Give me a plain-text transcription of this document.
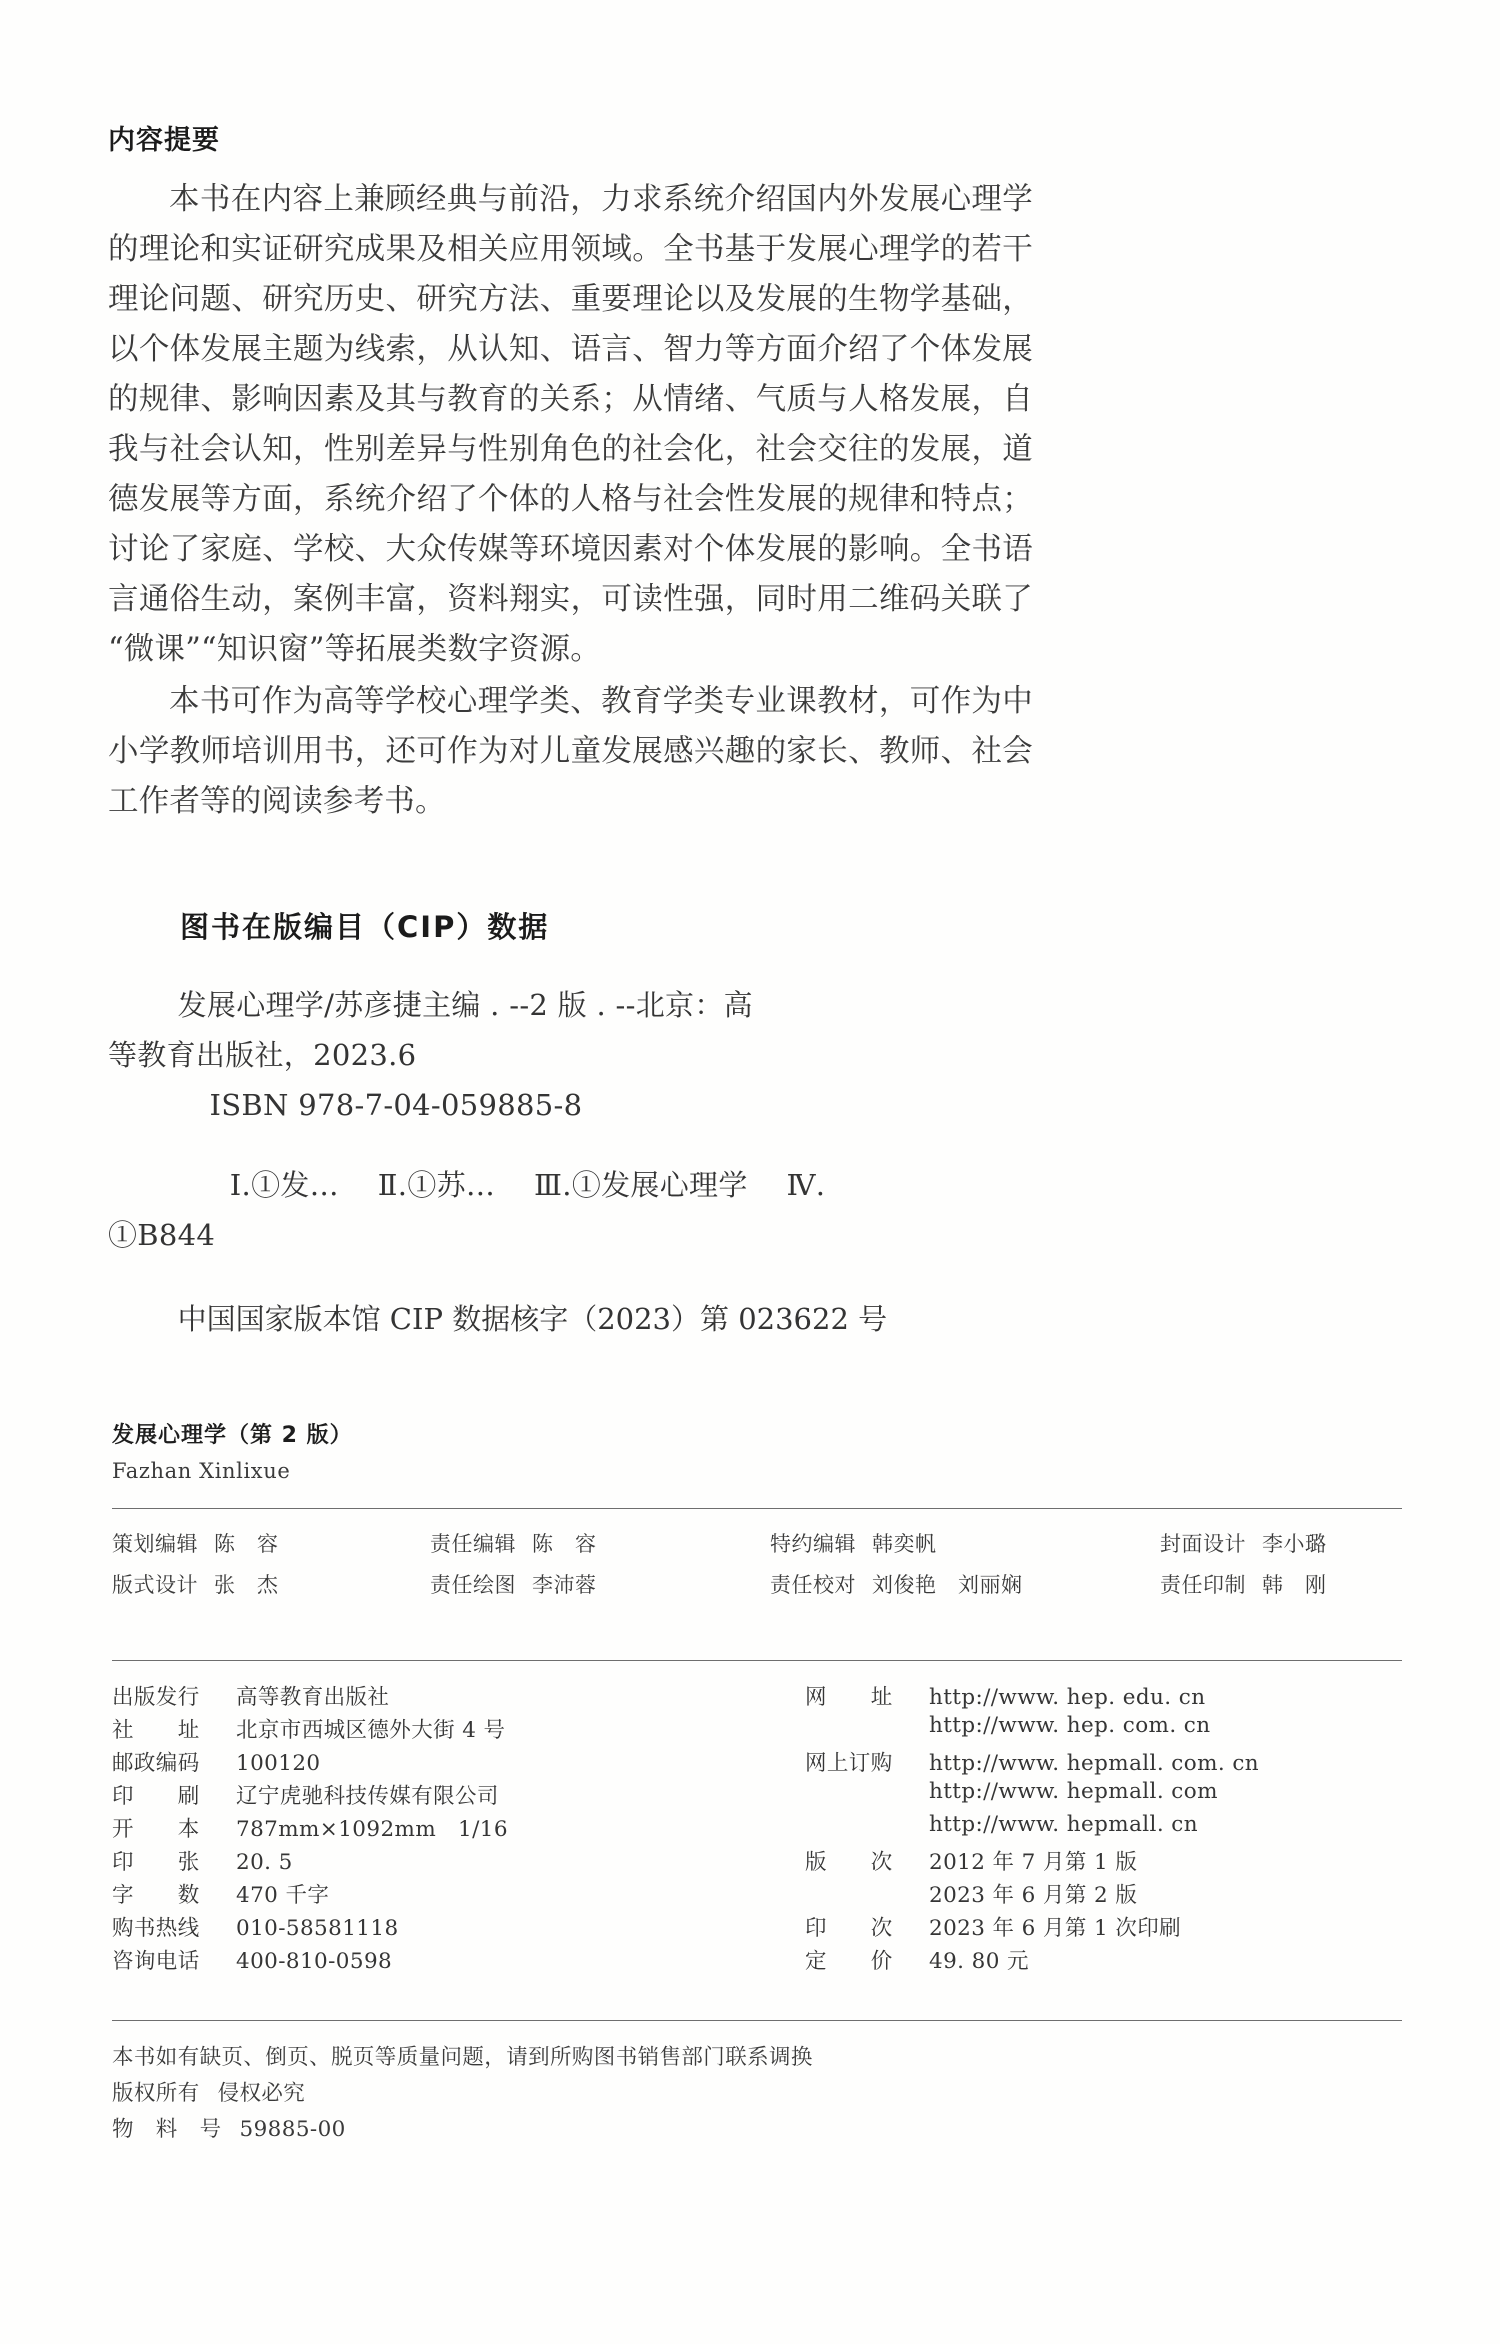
内容提要

本书在内容上兼顾经典与前沿，力求系统介绍国内外发展心理学的理论和实证研究成果及相关应用领域。全书基于发展心理学的若干理论问题、研究历史、研究方法、重要理论以及发展的生物学基础，以个体发展主题为线索，从认知、语言、智力等方面介绍了个体发展的规律、影响因素及其与教育的关系；从情绪、气质与人格发展，自我与社会认知，性别差异与性别角色的社会化，社会交往的发展，道德发展等方面，系统介绍了个体的人格与社会性发展的规律和特点；讨论了家庭、学校、大众传媒等环境因素对个体发展的影响。全书语言通俗生动，案例丰富，资料翔实，可读性强，同时用二维码关联了“微课”“知识窗”等拓展类数字资源。

本书可作为高等学校心理学类、教育学类专业课教材，可作为中小学教师培训用书，还可作为对儿童发展感兴趣的家长、教师、社会工作者等的阅读参考书。

图书在版编目（CIP）数据
发展心理学/苏彦捷主编 . --2 版 . --北京：高
等教育出版社，2023.6
ISBN 978-7-04-059885-8
Ⅰ.①发… 　Ⅱ.①苏… 　Ⅲ.①发展心理学 　Ⅳ.
①B844
中国国家版本馆 CIP 数据核字（2023）第 023622 号
发展心理学（第 2 版）
Fazhan Xinlixue
策划编辑 陈　容	责任编辑 陈　容	特约编辑 韩奕帆	封面设计 李小璐
版式设计 张　杰	责任绘图 李沛蓉	责任校对 刘俊艳　刘丽娴	责任印制 韩　刚
出版发行	高等教育出版社
社　　址	北京市西城区德外大街 4 号
邮政编码	100120
印　　刷	辽宁虎驰科技传媒有限公司
开　　本	787mm×1092mm　1/16
印　　张	20. 5
字　　数	470 千字
购书热线	010-58581118
咨询电话	400-810-0598
网　　址	http://www. hep. edu. cn
http://www. hep. com. cn
网上订购	http://www. hepmall. com. cn
http://www. hepmall. com
http://www. hepmall. cn
版　　次	2012 年 7 月第 1 版
2023 年 6 月第 2 版
印　　次	2023 年 6 月第 1 次印刷
定　　价	49. 80 元
本书如有缺页、倒页、脱页等质量问题，请到所购图书销售部门联系调换
版权所有 侵权必究
物　料　号 59885-00
